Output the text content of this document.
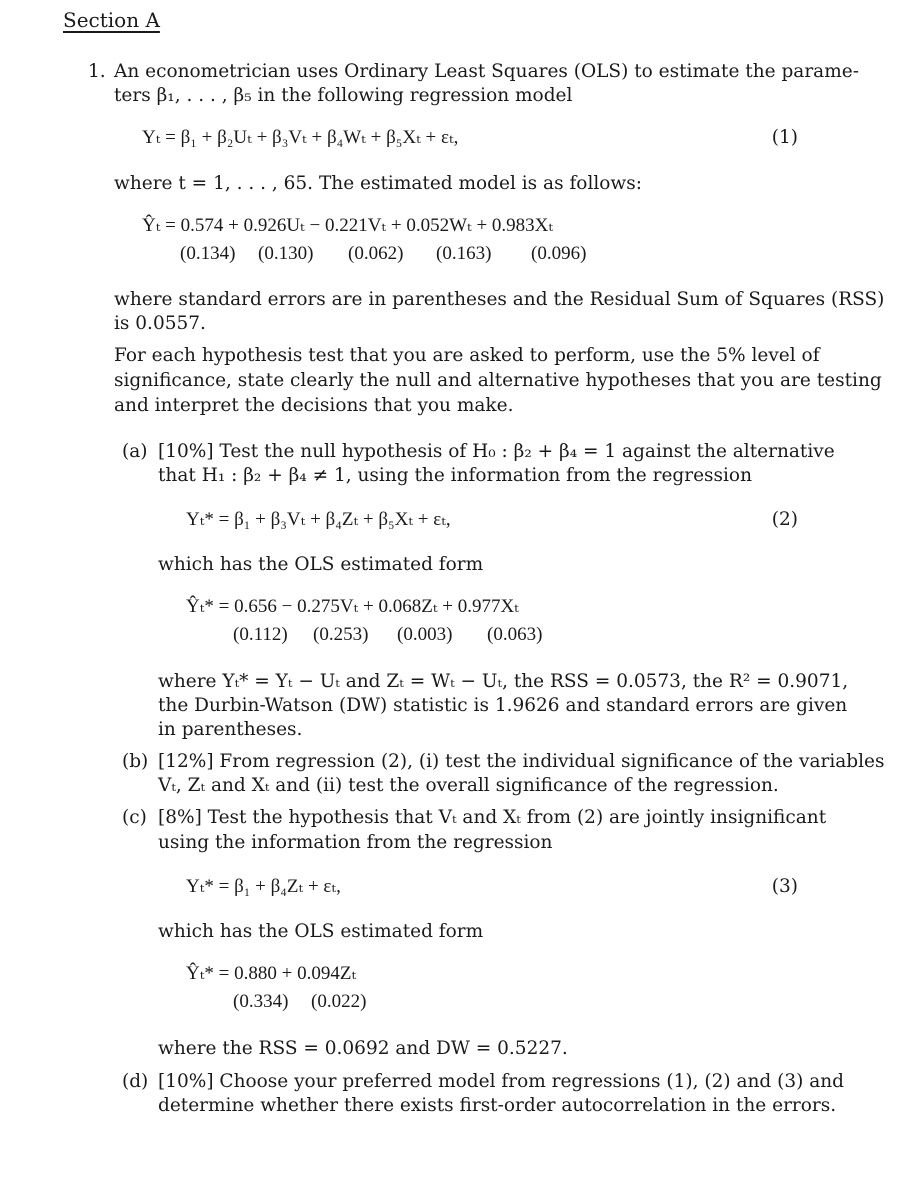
Section A
1. An econometrician uses Ordinary Least Squares (OLS) to estimate the parame-
ters β₁, . . . , β₅ in the following regression model
Yₜ = β₁ + β₂Uₜ + β₃Vₜ + β₄Wₜ + β₅Xₜ + εₜ,	(1)
where t = 1, . . . , 65. The estimated model is as follows:
Ŷₜ = 0.574 + 0.926Uₜ − 0.221Vₜ + 0.052Wₜ + 0.983Xₜ
(0.134) (0.130) (0.062) (0.163) (0.096)
where standard errors are in parentheses and the Residual Sum of Squares (RSS)
is 0.0557.
For each hypothesis test that you are asked to perform, use the 5% level of
significance, state clearly the null and alternative hypotheses that you are testing
and interpret the decisions that you make.
(a) [10%] Test the null hypothesis of H₀ : β₂ + β₄ = 1 against the alternative
that H₁ : β₂ + β₄ ≠ 1, using the information from the regression
Yₜ* = β₁ + β₃Vₜ + β₄Zₜ + β₅Xₜ + εₜ,	(2)
which has the OLS estimated form
Ŷₜ* = 0.656 − 0.275Vₜ + 0.068Zₜ + 0.977Xₜ
(0.112) (0.253) (0.003) (0.063)
where Yₜ* = Yₜ − Uₜ and Zₜ = Wₜ − Uₜ, the RSS = 0.0573, the R² = 0.9071,
the Durbin-Watson (DW) statistic is 1.9626 and standard errors are given
in parentheses.
(b) [12%] From regression (2), (i) test the individual significance of the variables
Vₜ, Zₜ and Xₜ and (ii) test the overall significance of the regression.
(c) [8%] Test the hypothesis that Vₜ and Xₜ from (2) are jointly insignificant
using the information from the regression
Yₜ* = β₁ + β₄Zₜ + εₜ,	(3)
which has the OLS estimated form
Ŷₜ* = 0.880 + 0.094Zₜ
(0.334) (0.022)
where the RSS = 0.0692 and DW = 0.5227.
(d) [10%] Choose your preferred model from regressions (1), (2) and (3) and
determine whether there exists first-order autocorrelation in the errors.
